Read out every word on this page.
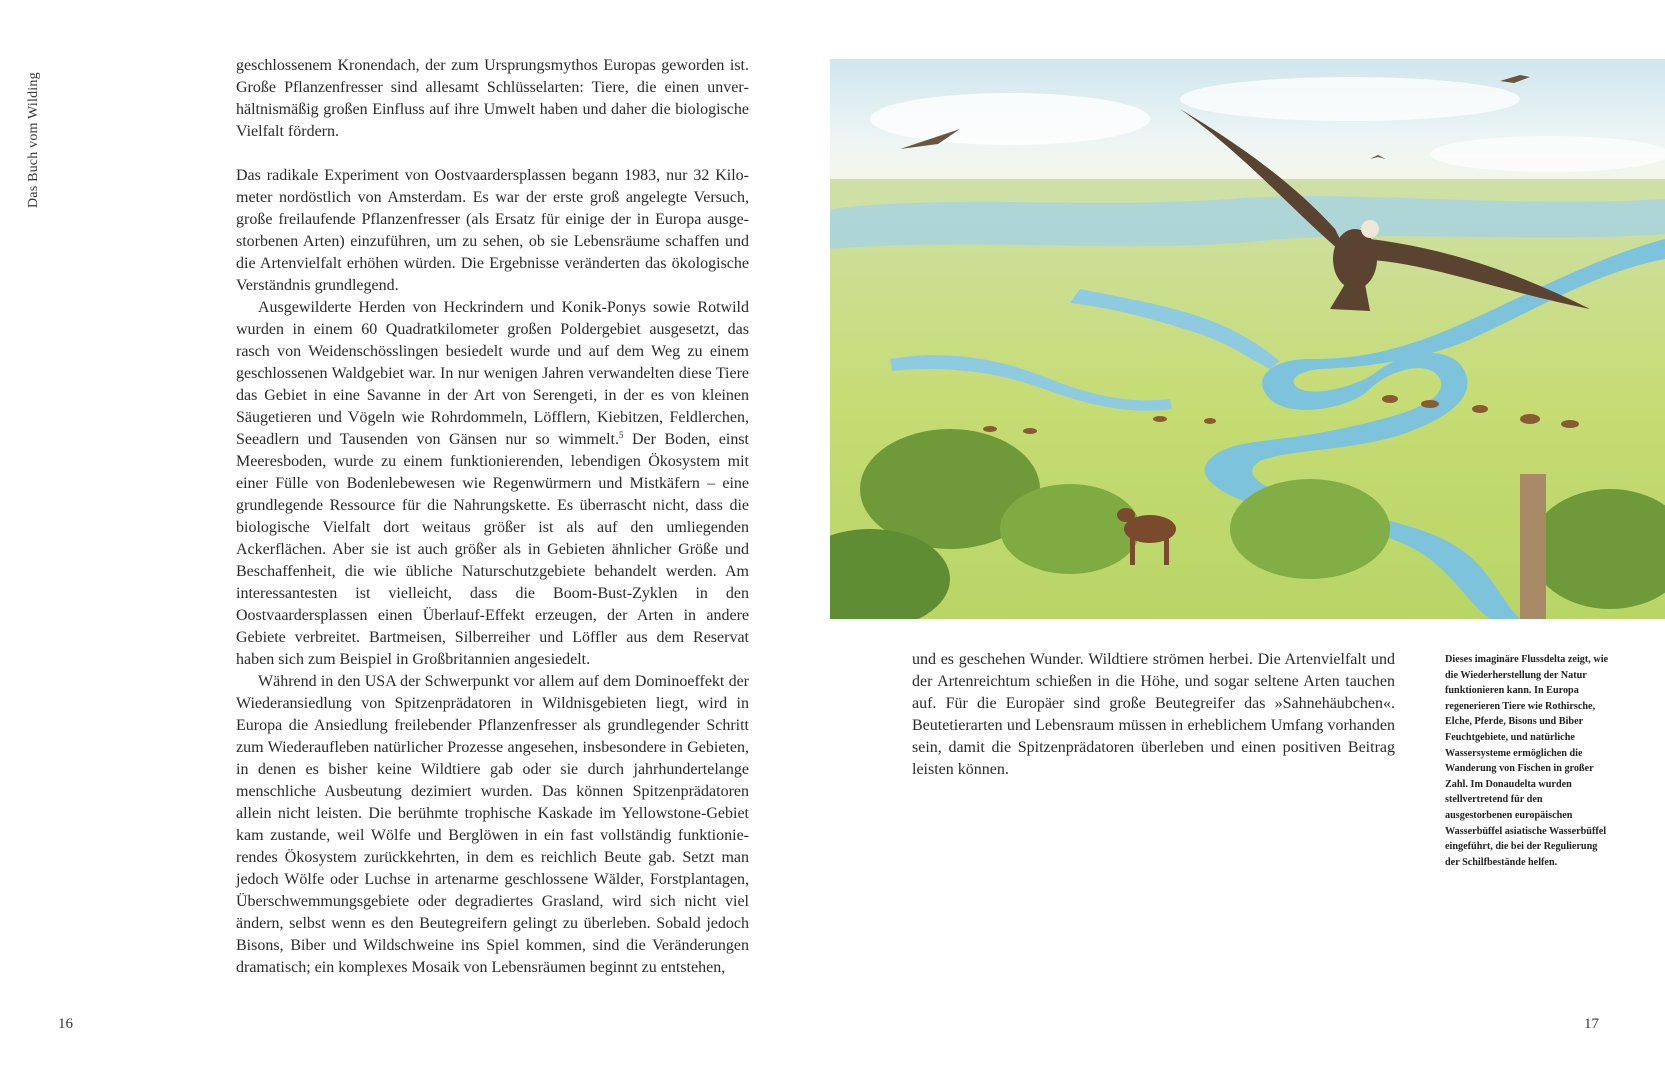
Das Buch vom Wilding

geschlossenem Kronendach, der zum Ursprungsmythos Europas geworden ist. Große Pflanzenfresser sind allesamt Schlüsselarten: Tiere, die einen unverhältnismäßig großen Einfluss auf ihre Umwelt haben und daher die biologische Vielfalt fördern.

Das radikale Experiment von Oostvaardersplassen begann 1983, nur 32 Kilometer nordöstlich von Amsterdam. Es war der erste groß angelegte Versuch, große freilaufende Pflanzenfresser (als Ersatz für einige der in Europa ausgestorbenen Arten) einzuführen, um zu sehen, ob sie Lebensräume schaffen und die Artenvielfalt erhöhen würden. Die Ergebnisse veränderten das ökologische Verständnis grundlegend.

Ausgewilderte Herden von Heckrindern und Konik-Ponys sowie Rotwild wurden in einem 60 Quadratkilometer großen Poldergebiet ausgesetzt, das rasch von Weidenschösslingen besiedelt wurde und auf dem Weg zu einem geschlossenen Waldgebiet war. In nur wenigen Jahren verwandelten diese Tiere das Gebiet in eine Savanne in der Art von Serengeti, in der es von kleinen Säugetieren und Vögeln wie Rohrdommeln, Löfflern, Kiebitzen, Feldlerchen, Seeadlern und Tausenden von Gänsen nur so wimmelt.$^5$ Der Boden, einst Meeresboden, wurde zu einem funktionierenden, lebendigen Ökosystem mit einer Fülle von Bodenlebewesen wie Regenwürmern und Mistkäfern – eine grundlegende Ressource für die Nahrungskette. Es überrascht nicht, dass die biologische Vielfalt dort weitaus größer ist als auf den umliegenden Ackerflächen. Aber sie ist auch größer als in Gebieten ähnlicher Größe und Beschaffenheit, die wie übliche Naturschutzgebiete behandelt werden. Am interessantesten ist vielleicht, dass die Boom-Bust-Zyklen in den Oostvaardersplassen einen Überlauf-Effekt erzeugen, der Arten in andere Gebiete verbreitet. Bartmeisen, Silberreiher und Löffler aus dem Reservat haben sich zum Beispiel in Großbritannien angesiedelt.

Während in den USA der Schwerpunkt vor allem auf dem Dominoeffekt der Wiederansiedlung von Spitzenprädatoren in Wildnisgebieten liegt, wird in Europa die Ansiedlung freilebender Pflanzenfresser als grundlegender Schritt zum Wiederaufleben natürlicher Prozesse angesehen, insbesondere in Gebieten, in denen es bisher keine Wildtiere gab oder sie durch jahrhundertelange menschliche Ausbeutung dezimiert wurden. Das können Spitzenprädatoren allein nicht leisten. Die berühmte trophische Kaskade im Yellowstone-Gebiet kam zustande, weil Wölfe und Berglöwen in ein fast vollständig funktionierendes Ökosystem zurückkehrten, in dem es reichlich Beute gab. Setzt man jedoch Wölfe oder Luchse in artenarme geschlossene Wälder, Forstplantagen, Überschwemmungsgebiete oder degradiertes Grasland, wird sich nicht viel ändern, selbst wenn es den Beutegreifern gelingt zu überleben. Sobald jedoch Bisons, Biber und Wildschweine ins Spiel kommen, sind die Veränderungen dramatisch; ein komplexes Mosaik von Lebensräumen beginnt zu entstehen,

und es geschehen Wunder. Wildtiere strömen herbei. Die Artenvielfalt und der Artenreichtum schießen in die Höhe, und sogar seltene Arten tauchen auf. Für die Europäer sind große Beutegreifer das »Sahnehäubchen«. Beutetierarten und Lebensraum müssen in erheblichem Umfang vorhanden sein, damit die Spitzenprädatoren überleben und einen positiven Beitrag leisten können.

Dieses imaginäre Flussdelta zeigt, wie die Wiederherstellung der Natur funktionieren kann. In Europa regenerieren Tiere wie Rothirsche, Elche, Pferde, Bisons und Biber Feuchtgebiete, und natürliche Wassersysteme ermöglichen die Wanderung von Fischen in großer Zahl. Im Donaudelta wurden stellvertretend für den ausgestorbenen europäischen Wasserbüffel asiatische Wasserbüffel eingeführt, die bei der Regulierung der Schilfbestände helfen.
16	17
